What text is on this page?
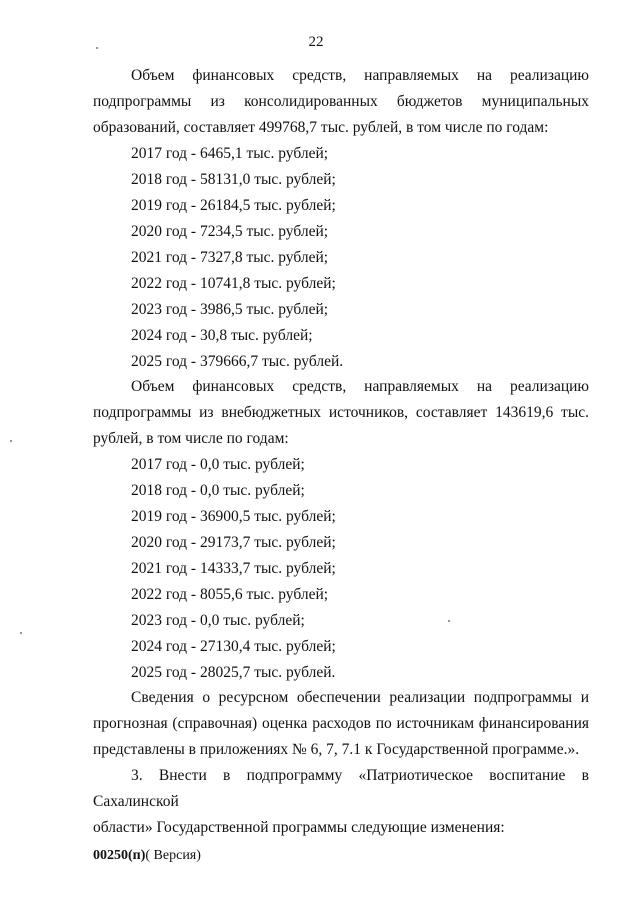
22

Объем финансовых средств, направляемых на реализацию
подпрограммы из консолидированных бюджетов муниципальных
образований, составляет 499768,7 тыс. рублей, в том числе по годам:

2017 год - 6465,1 тыс. рублей;
2018 год - 58131,0 тыс. рублей;
2019 год - 26184,5 тыс. рублей;
2020 год - 7234,5 тыс. рублей;
2021 год - 7327,8 тыс. рублей;
2022 год - 10741,8 тыс. рублей;
2023 год - 3986,5 тыс. рублей;
2024 год - 30,8 тыс. рублей;
2025 год - 379666,7 тыс. рублей.

Объем финансовых средств, направляемых на реализацию
подпрограммы из внебюджетных источников, составляет 143619,6 тыс.
рублей, в том числе по годам:

2017 год - 0,0 тыс. рублей;
2018 год - 0,0 тыс. рублей;
2019 год - 36900,5 тыс. рублей;
2020 год - 29173,7 тыс. рублей;
2021 год - 14333,7 тыс. рублей;
2022 год - 8055,6 тыс. рублей;
2023 год - 0,0 тыс. рублей;
2024 год - 27130,4 тыс. рублей;
2025 год - 28025,7 тыс. рублей.

Сведения о ресурсном обеспечении реализации подпрограммы и
прогнозная (справочная) оценка расходов по источникам финансирования
представлены в приложениях № 6, 7, 7.1 к Государственной программе.».

3. Внести в подпрограмму «Патриотическое воспитание в Сахалинской
области» Государственной программы следующие изменения:

00250(п)( Версия)
